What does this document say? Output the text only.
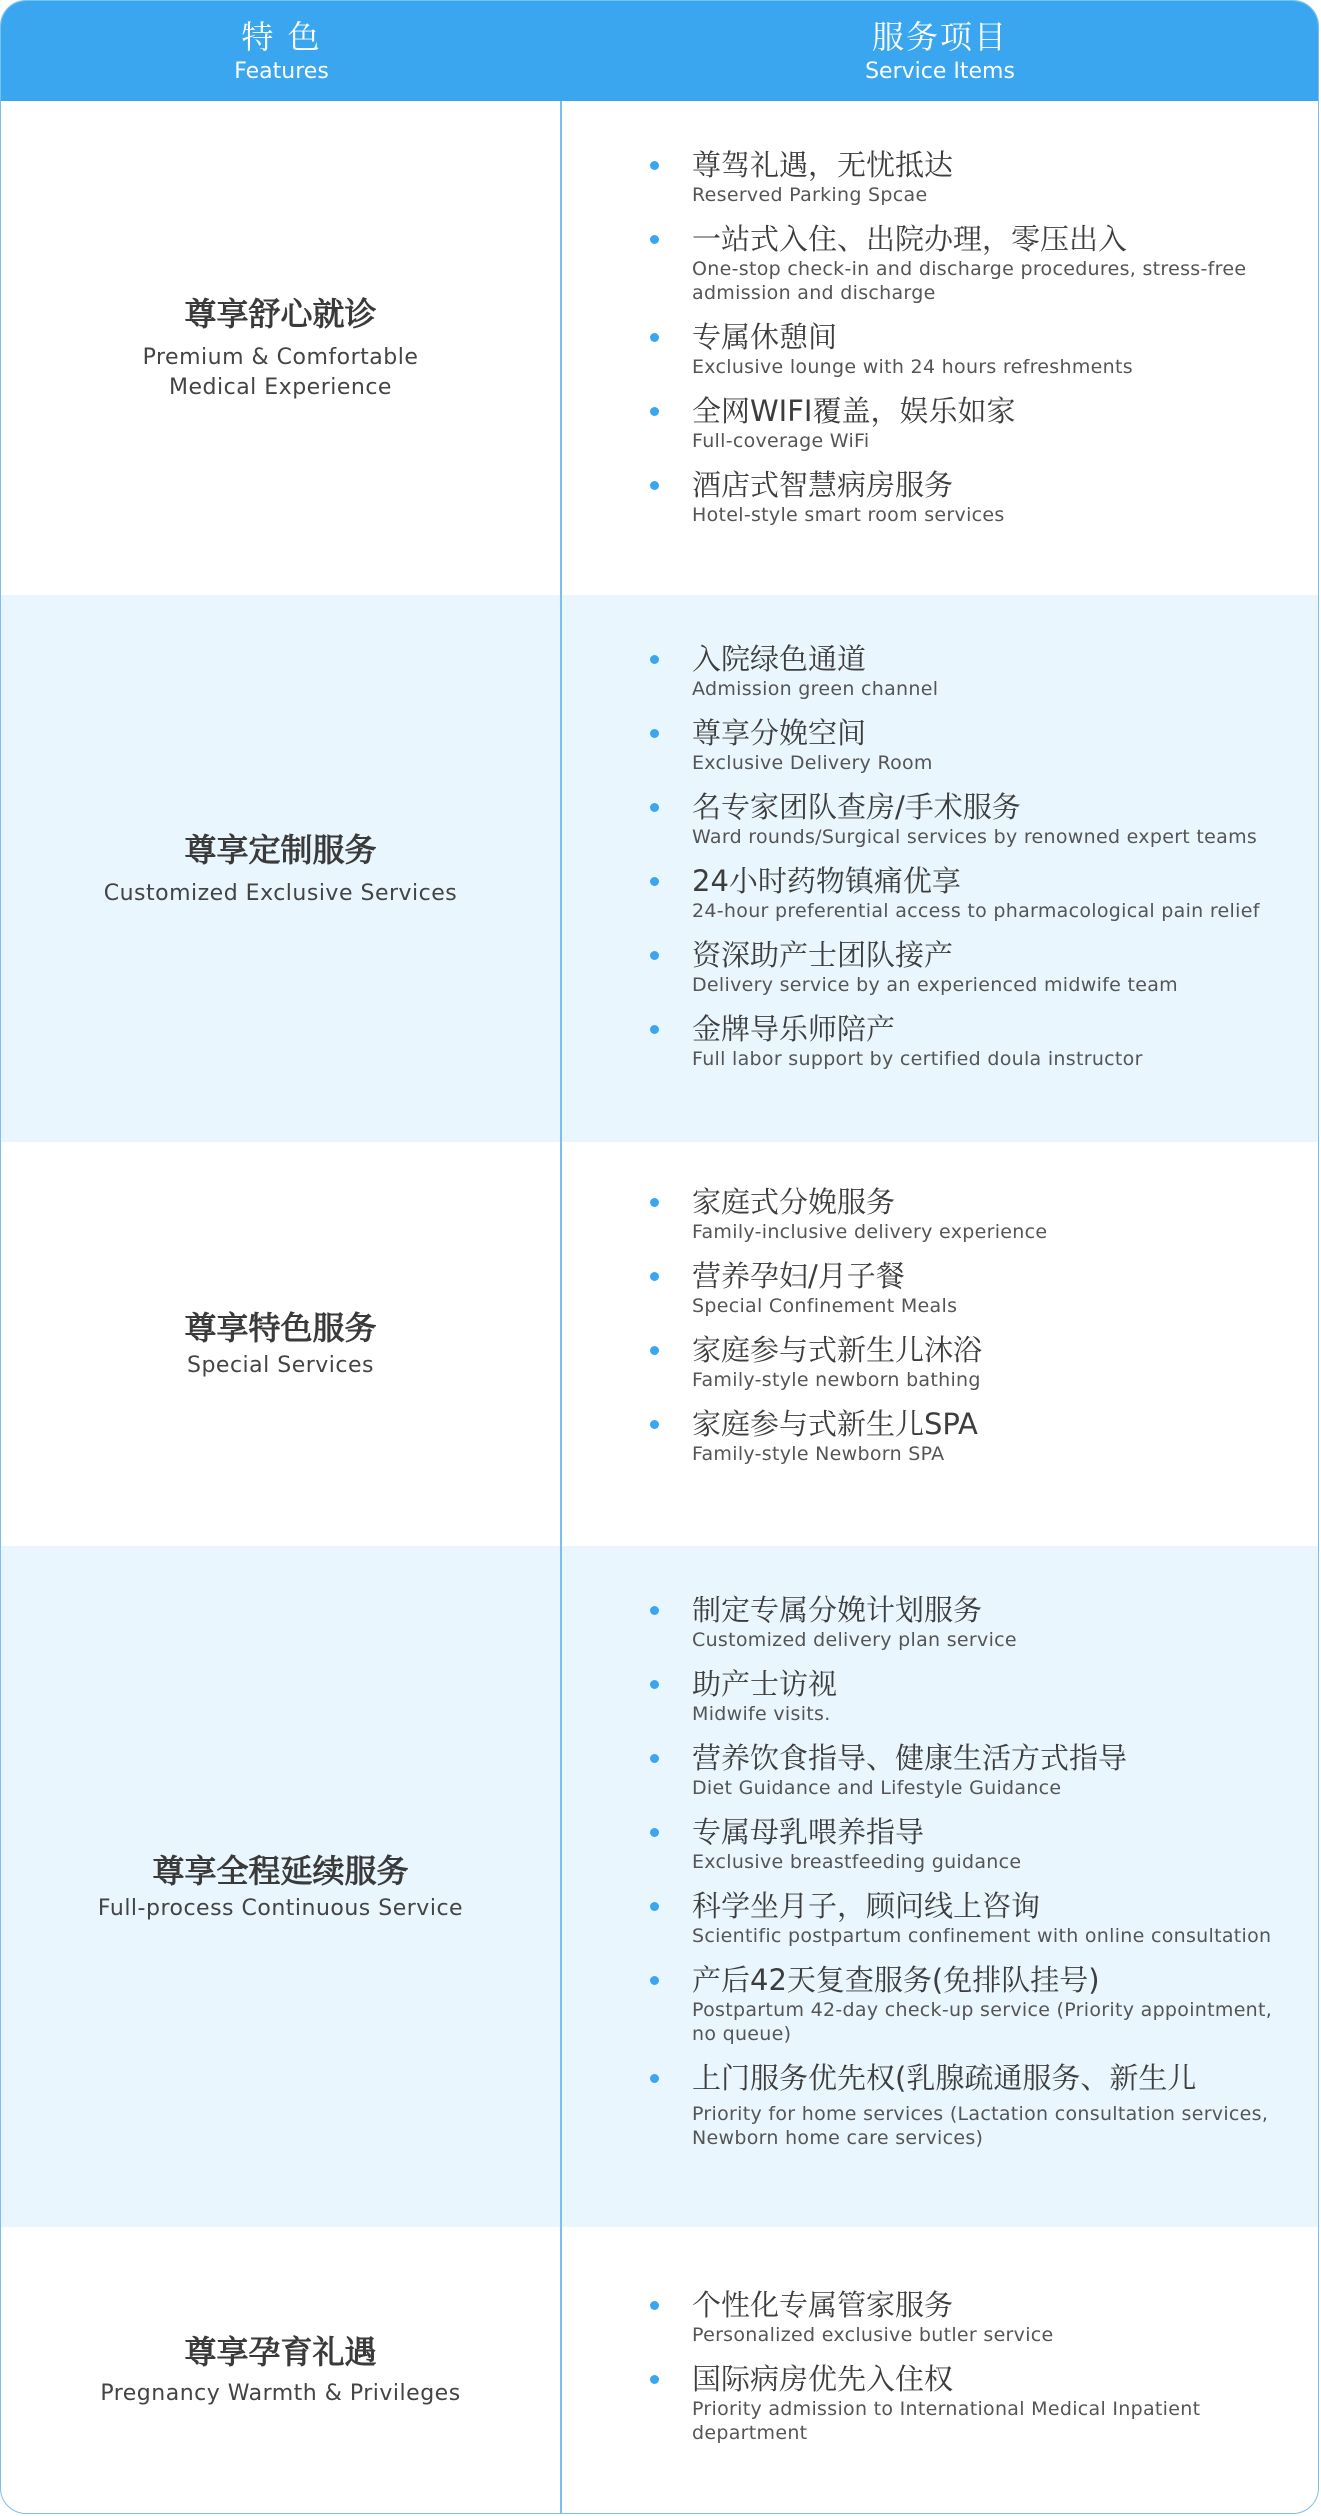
特 色
Features
服务项目
Service Items
尊享舒心就诊
Premium & Comfortable
Medical Experience
尊驾礼遇，无忧抵达
Reserved Parking Spcae
一站式入住、出院办理，零压出入
One-stop check-in and discharge procedures, stress-free admission and discharge
专属休憩间
Exclusive lounge with 24 hours refreshments
全网WIFI覆盖，娱乐如家
Full-coverage WiFi
酒店式智慧病房服务
Hotel-style smart room services
尊享定制服务
Customized Exclusive Services
入院绿色通道
Admission green channel
尊享分娩空间
Exclusive Delivery Room
名专家团队查房/手术服务
Ward rounds/Surgical services by renowned expert teams
24小时药物镇痛优享
24-hour preferential access to pharmacological pain relief
资深助产士团队接产
Delivery service by an experienced midwife team
金牌导乐师陪产
Full labor support by certified doula instructor
尊享特色服务
Special Services
家庭式分娩服务
Family-inclusive delivery experience
营养孕妇/月子餐
Special Confinement Meals
家庭参与式新生儿沐浴
Family-style newborn bathing
家庭参与式新生儿SPA
Family-style Newborn SPA
尊享全程延续服务
Full-process Continuous Service
制定专属分娩计划服务
Customized delivery plan service
助产士访视
Midwife visits.
营养饮食指导、健康生活方式指导
Diet Guidance and Lifestyle Guidance
专属母乳喂养指导
Exclusive breastfeeding guidance
科学坐月子，顾问线上咨询
Scientific postpartum confinement with online consultation
产后42天复查服务(免排队挂号)
Postpartum 42-day check-up service (Priority appointment, no queue)
上门服务优先权(乳腺疏通服务、新生儿
Priority for home services (Lactation consultation services, Newborn home care services)
尊享孕育礼遇
Pregnancy Warmth & Privileges
个性化专属管家服务
Personalized exclusive butler service
国际病房优先入住权
Priority admission to International Medical Inpatient department
